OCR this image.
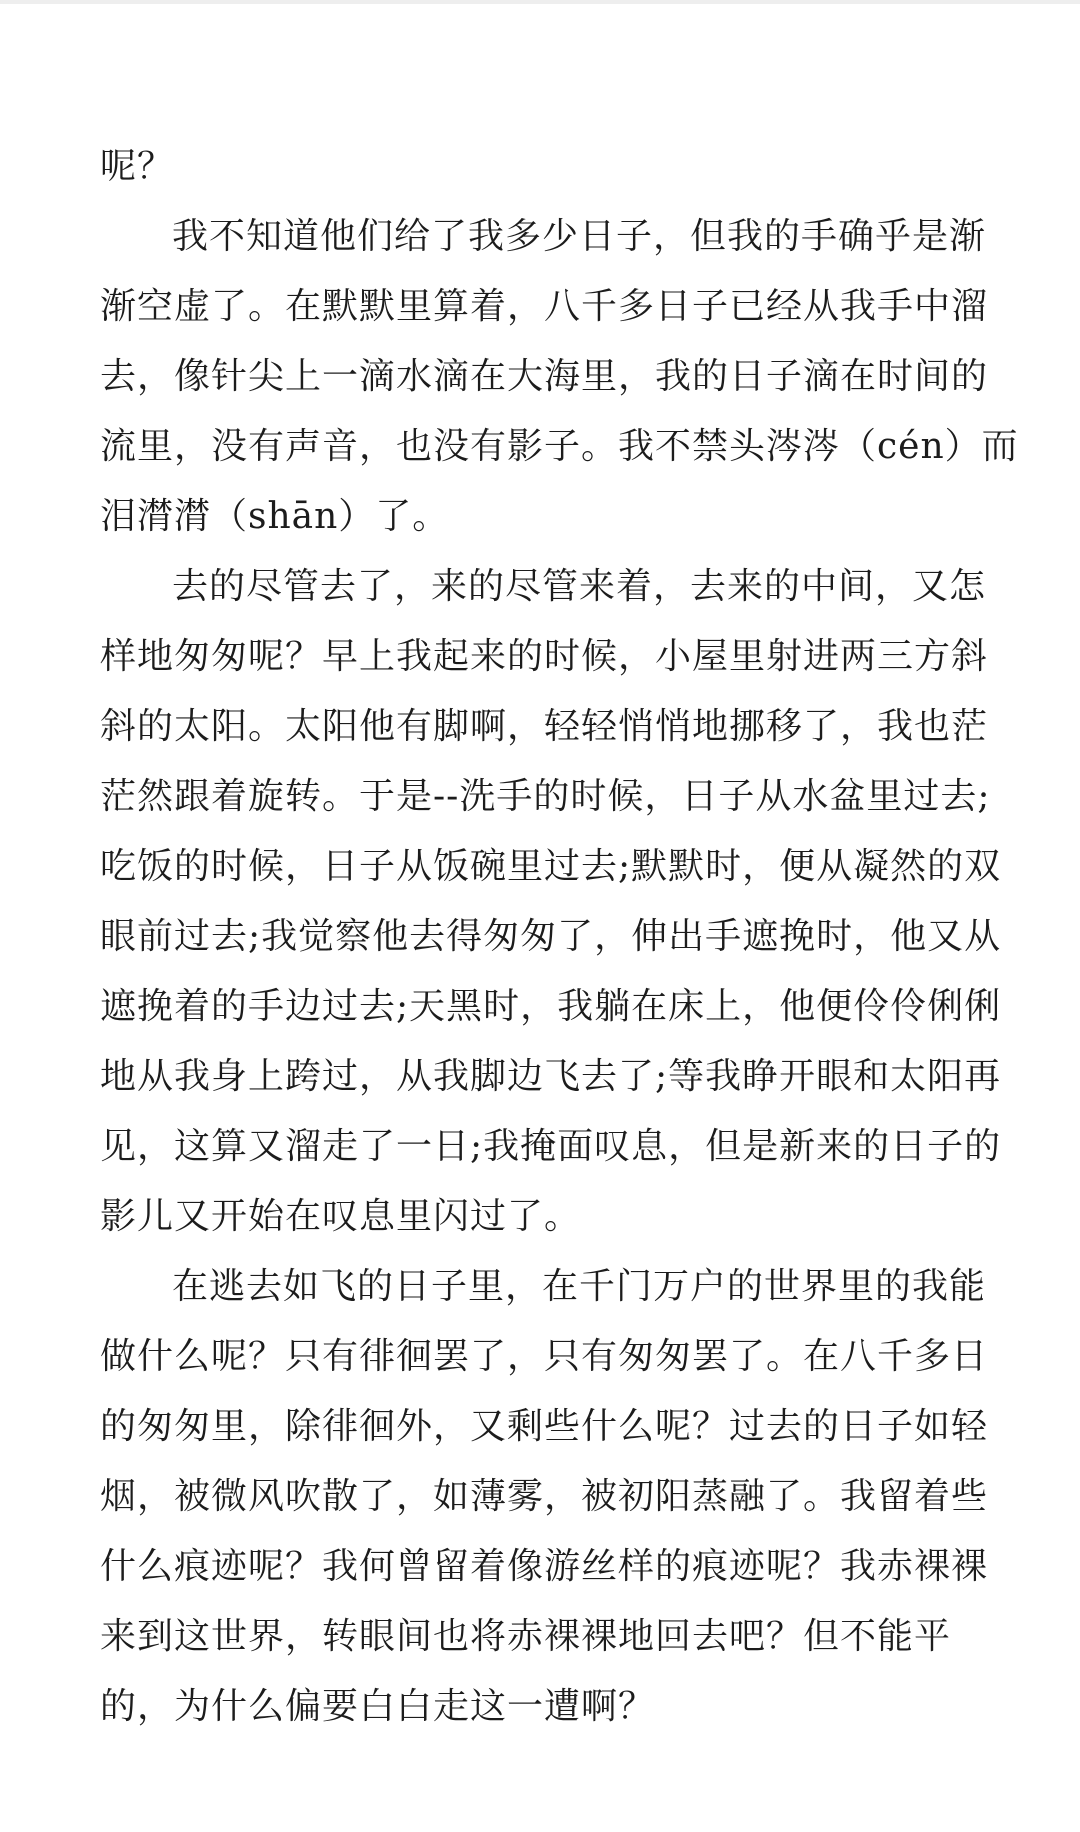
呢？

我不知道他们给了我多少日子，但我的手确乎是渐渐空虚了。在默默里算着，八千多日子已经从我手中溜去，像针尖上一滴水滴在大海里，我的日子滴在时间的流里，没有声音，也没有影子。我不禁头涔涔（cén）而泪潸潸（shān）了。

去的尽管去了，来的尽管来着，去来的中间，又怎样地匆匆呢？早上我起来的时候，小屋里射进两三方斜斜的太阳。太阳他有脚啊，轻轻悄悄地挪移了，我也茫茫然跟着旋转。于是--洗手的时候，日子从水盆里过去;吃饭的时候，日子从饭碗里过去;默默时，便从凝然的双眼前过去;我觉察他去得匆匆了，伸出手遮挽时，他又从遮挽着的手边过去;天黑时，我躺在床上，他便伶伶俐俐地从我身上跨过，从我脚边飞去了;等我睁开眼和太阳再见，这算又溜走了一日;我掩面叹息，但是新来的日子的影儿又开始在叹息里闪过了。

在逃去如飞的日子里，在千门万户的世界里的我能做什么呢？只有徘徊罢了，只有匆匆罢了。在八千多日的匆匆里，除徘徊外，又剩些什么呢？过去的日子如轻烟，被微风吹散了，如薄雾，被初阳蒸融了。我留着些什么痕迹呢？我何曾留着像游丝样的痕迹呢？我赤裸裸来到这世界，转眼间也将赤裸裸地回去吧？但不能平的，为什么偏要白白走这一遭啊？
